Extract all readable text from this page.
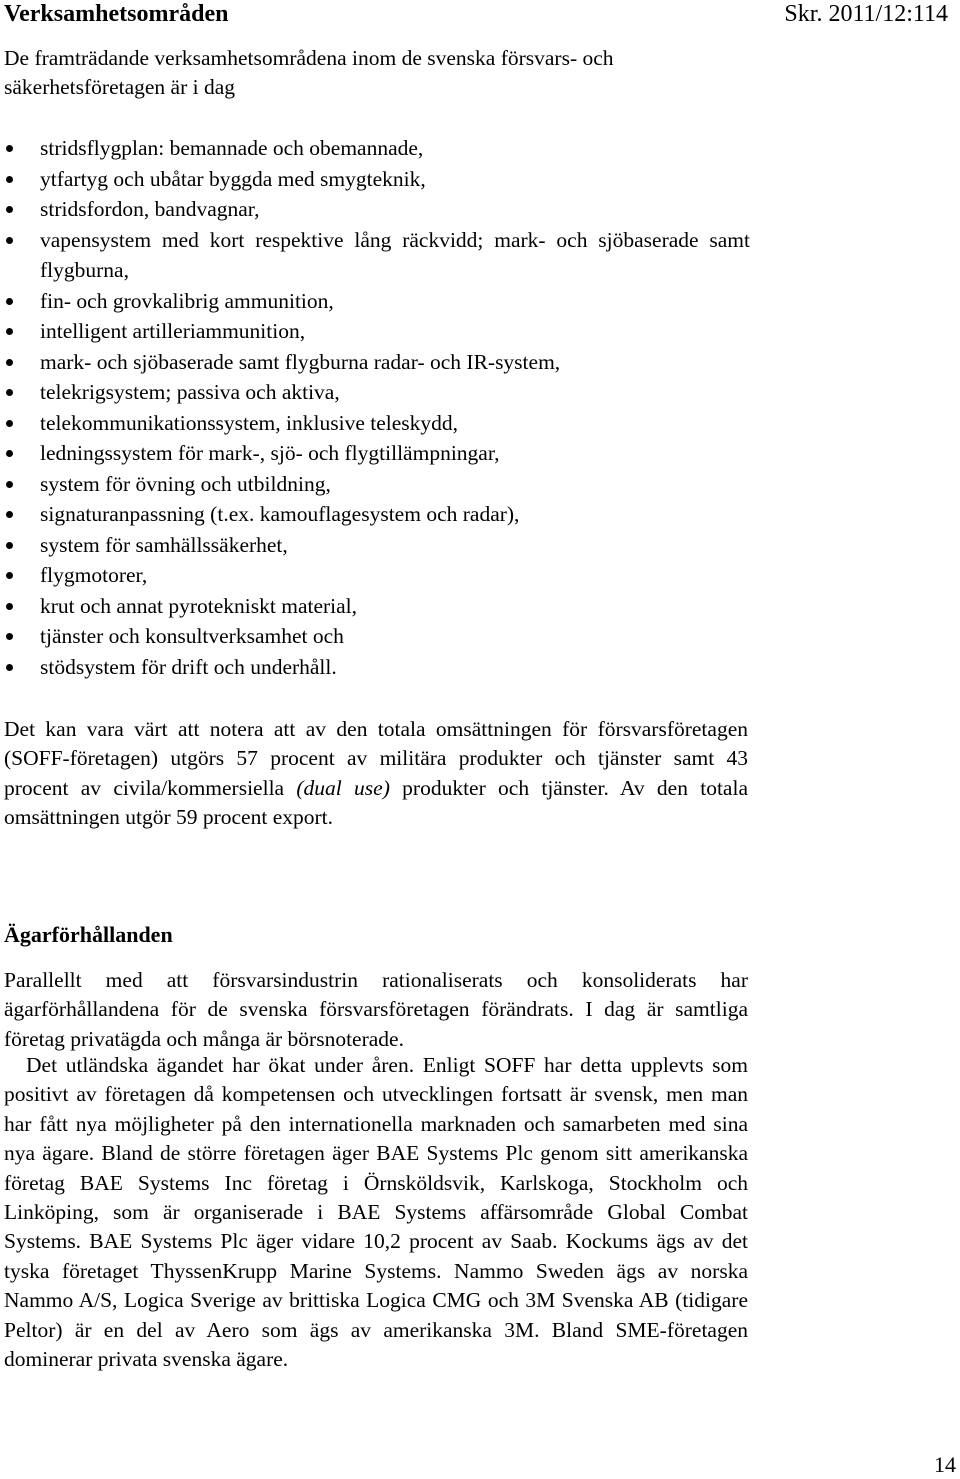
Verksamhetsområden	Skr. 2011/12:114

De framträdande verksamhetsområdena inom de svenska försvars- och säkerhetsföretagen är i dag

stridsflygplan: bemannade och obemannade,
ytfartyg och ubåtar byggda med smygteknik,
stridsfordon, bandvagnar,
vapensystem med kort respektive lång räckvidd; mark- och sjöbaserade samt flygburna,
fin- och grovkalibrig ammunition,
intelligent artilleriammunition,
mark- och sjöbaserade samt flygburna radar- och IR-system,
telekrigsystem; passiva och aktiva,
telekommunikationssystem, inklusive teleskydd,
ledningssystem för mark-, sjö- och flygtillämpningar,
system för övning och utbildning,
signaturanpassning (t.ex. kamouflagesystem och radar),
system för samhällssäkerhet,
flygmotorer,
krut och annat pyrotekniskt material,
tjänster och konsultverksamhet och
stödsystem för drift och underhåll.

Det kan vara värt att notera att av den totala omsättningen för försvarsföretagen (SOFF-företagen) utgörs 57 procent av militära produkter och tjänster samt 43 procent av civila/kommersiella (dual use) produkter och tjänster. Av den totala omsättningen utgör 59 procent export.

Ägarförhållanden

Parallellt med att försvarsindustrin rationaliserats och konsoliderats har ägarförhållandena för de svenska försvarsföretagen förändrats. I dag är samtliga företag privatägda och många är börsnoterade.

Det utländska ägandet har ökat under åren. Enligt SOFF har detta upplevts som positivt av företagen då kompetensen och utvecklingen fortsatt är svensk, men man har fått nya möjligheter på den internationella marknaden och samarbeten med sina nya ägare. Bland de större företagen äger BAE Systems Plc genom sitt amerikanska företag BAE Systems Inc företag i Örnsköldsvik, Karlskoga, Stockholm och Linköping, som är organiserade i BAE Systems affärsområde Global Combat Systems. BAE Systems Plc äger vidare 10,2 procent av Saab. Kockums ägs av det tyska företaget ThyssenKrupp Marine Systems. Nammo Sweden ägs av norska Nammo A/S, Logica Sverige av brittiska Logica CMG och 3M Svenska AB (tidigare Peltor) är en del av Aero som ägs av amerikanska 3M. Bland SME-företagen dominerar privata svenska ägare.

14
